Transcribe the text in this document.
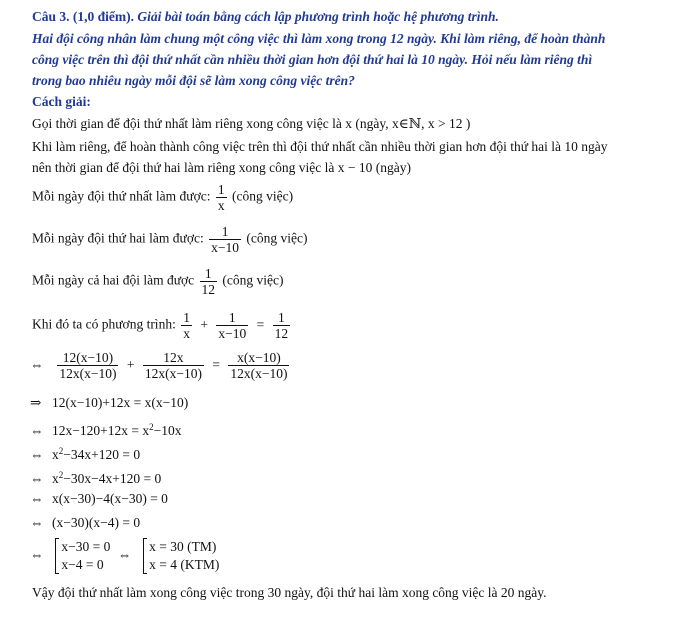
Câu 3. (1,0 điểm). Giải bài toán bằng cách lập phương trình hoặc hệ phương trình.
Hai đội công nhân làm chung một công việc thì làm xong trong 12 ngày. Khi làm riêng, để hoàn thành
công việc trên thì đội thứ nhất cần nhiều thời gian hơn đội thứ hai là 10 ngày. Hỏi nếu làm riêng thì
trong bao nhiêu ngày mỗi đội sẽ làm xong công việc trên?
Cách giải:
Gọi thời gian để đội thứ nhất làm riêng xong công việc là x (ngày, x∈ℕ, x > 12 )
Khi làm riêng, để hoàn thành công việc trên thì đội thứ nhất cần nhiều thời gian hơn đội thứ hai là 10 ngày
nên thời gian để đội thứ hai làm riêng xong công việc là x − 10 (ngày)
Mỗi ngày đội thứ nhất làm được: $\frac{1}{x}$ (công việc)
Mỗi ngày đội thứ hai làm được: $\frac{1}{x-10}$ (công việc)
Mỗi ngày cả hai đội làm được $\frac{1}{12}$ (công việc)
Khi đó ta có phương trình: $\frac{1}{x} + \frac{1}{x-10} = \frac{1}{12}$
⇔ $\frac{12(x-10)}{12x(x-10)} + \frac{12x}{12x(x-10)} = \frac{x(x-10)}{12x(x-10)}$
⇒ 12(x−10)+12x = x(x−10)
⇔ $12x-120+12x = x^2-10x$
⇔ $x^2-34x+120 = 0$
⇔ $x^2-30x-4x+120 = 0$
⇔ x(x−30)−4(x−30) = 0
⇔ (x−30)(x−4) = 0
⇔
x−30 = 0
x−4 = 0
⇔
x = 30 (TM)
x = 4 (KTM)
Vậy đội thứ nhất làm xong công việc trong 30 ngày, đội thứ hai làm xong công việc là 20 ngày.
